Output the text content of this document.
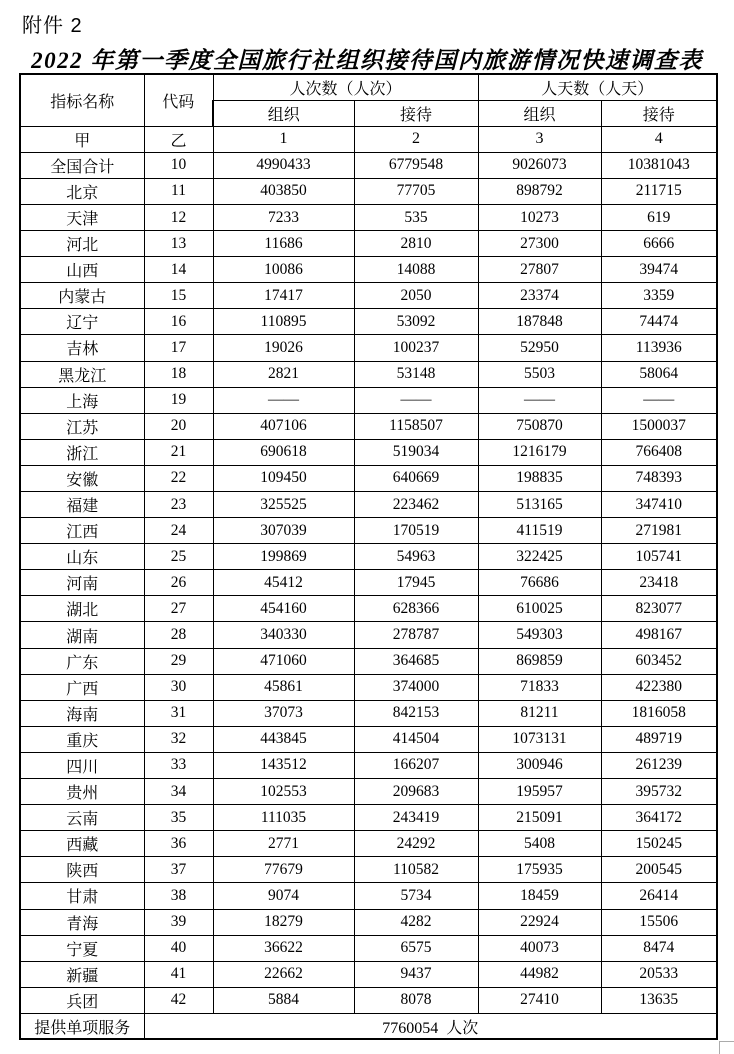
附件 2
2022 年第一季度全国旅行社组织接待国内旅游情况快速调查表
指标名称	代码	人次数（人次）		人天数（人天）	
		组织	接待	组织	接待
甲	乙	1	2	3	4
全国合计	10	4990433	6779548	9026073	10381043
北京	11	403850	77705	898792	211715
天津	12	7233	535	10273	619
河北	13	11686	2810	27300	6666
山西	14	10086	14088	27807	39474
内蒙古	15	17417	2050	23374	3359
辽宁	16	110895	53092	187848	74474
吉林	17	19026	100237	52950	113936
黑龙江	18	2821	53148	5503	58064
上海	19	——	——	——	——
江苏	20	407106	1158507	750870	1500037
浙江	21	690618	519034	1216179	766408
安徽	22	109450	640669	198835	748393
福建	23	325525	223462	513165	347410
江西	24	307039	170519	411519	271981
山东	25	199869	54963	322425	105741
河南	26	45412	17945	76686	23418
湖北	27	454160	628366	610025	823077
湖南	28	340330	278787	549303	498167
广东	29	471060	364685	869859	603452
广西	30	45861	374000	71833	422380
海南	31	37073	842153	81211	1816058
重庆	32	443845	414504	1073131	489719
四川	33	143512	166207	300946	261239
贵州	34	102553	209683	195957	395732
云南	35	111035	243419	215091	364172
西藏	36	2771	24292	5408	150245
陕西	37	77679	110582	175935	200545
甘肃	38	9074	5734	18459	26414
青海	39	18279	4282	22924	15506
宁夏	40	36622	6575	40073	8474
新疆	41	22662	9437	44982	20533
兵团	42	5884	8078	27410	13635
提供单项服务	7760054  人次				
